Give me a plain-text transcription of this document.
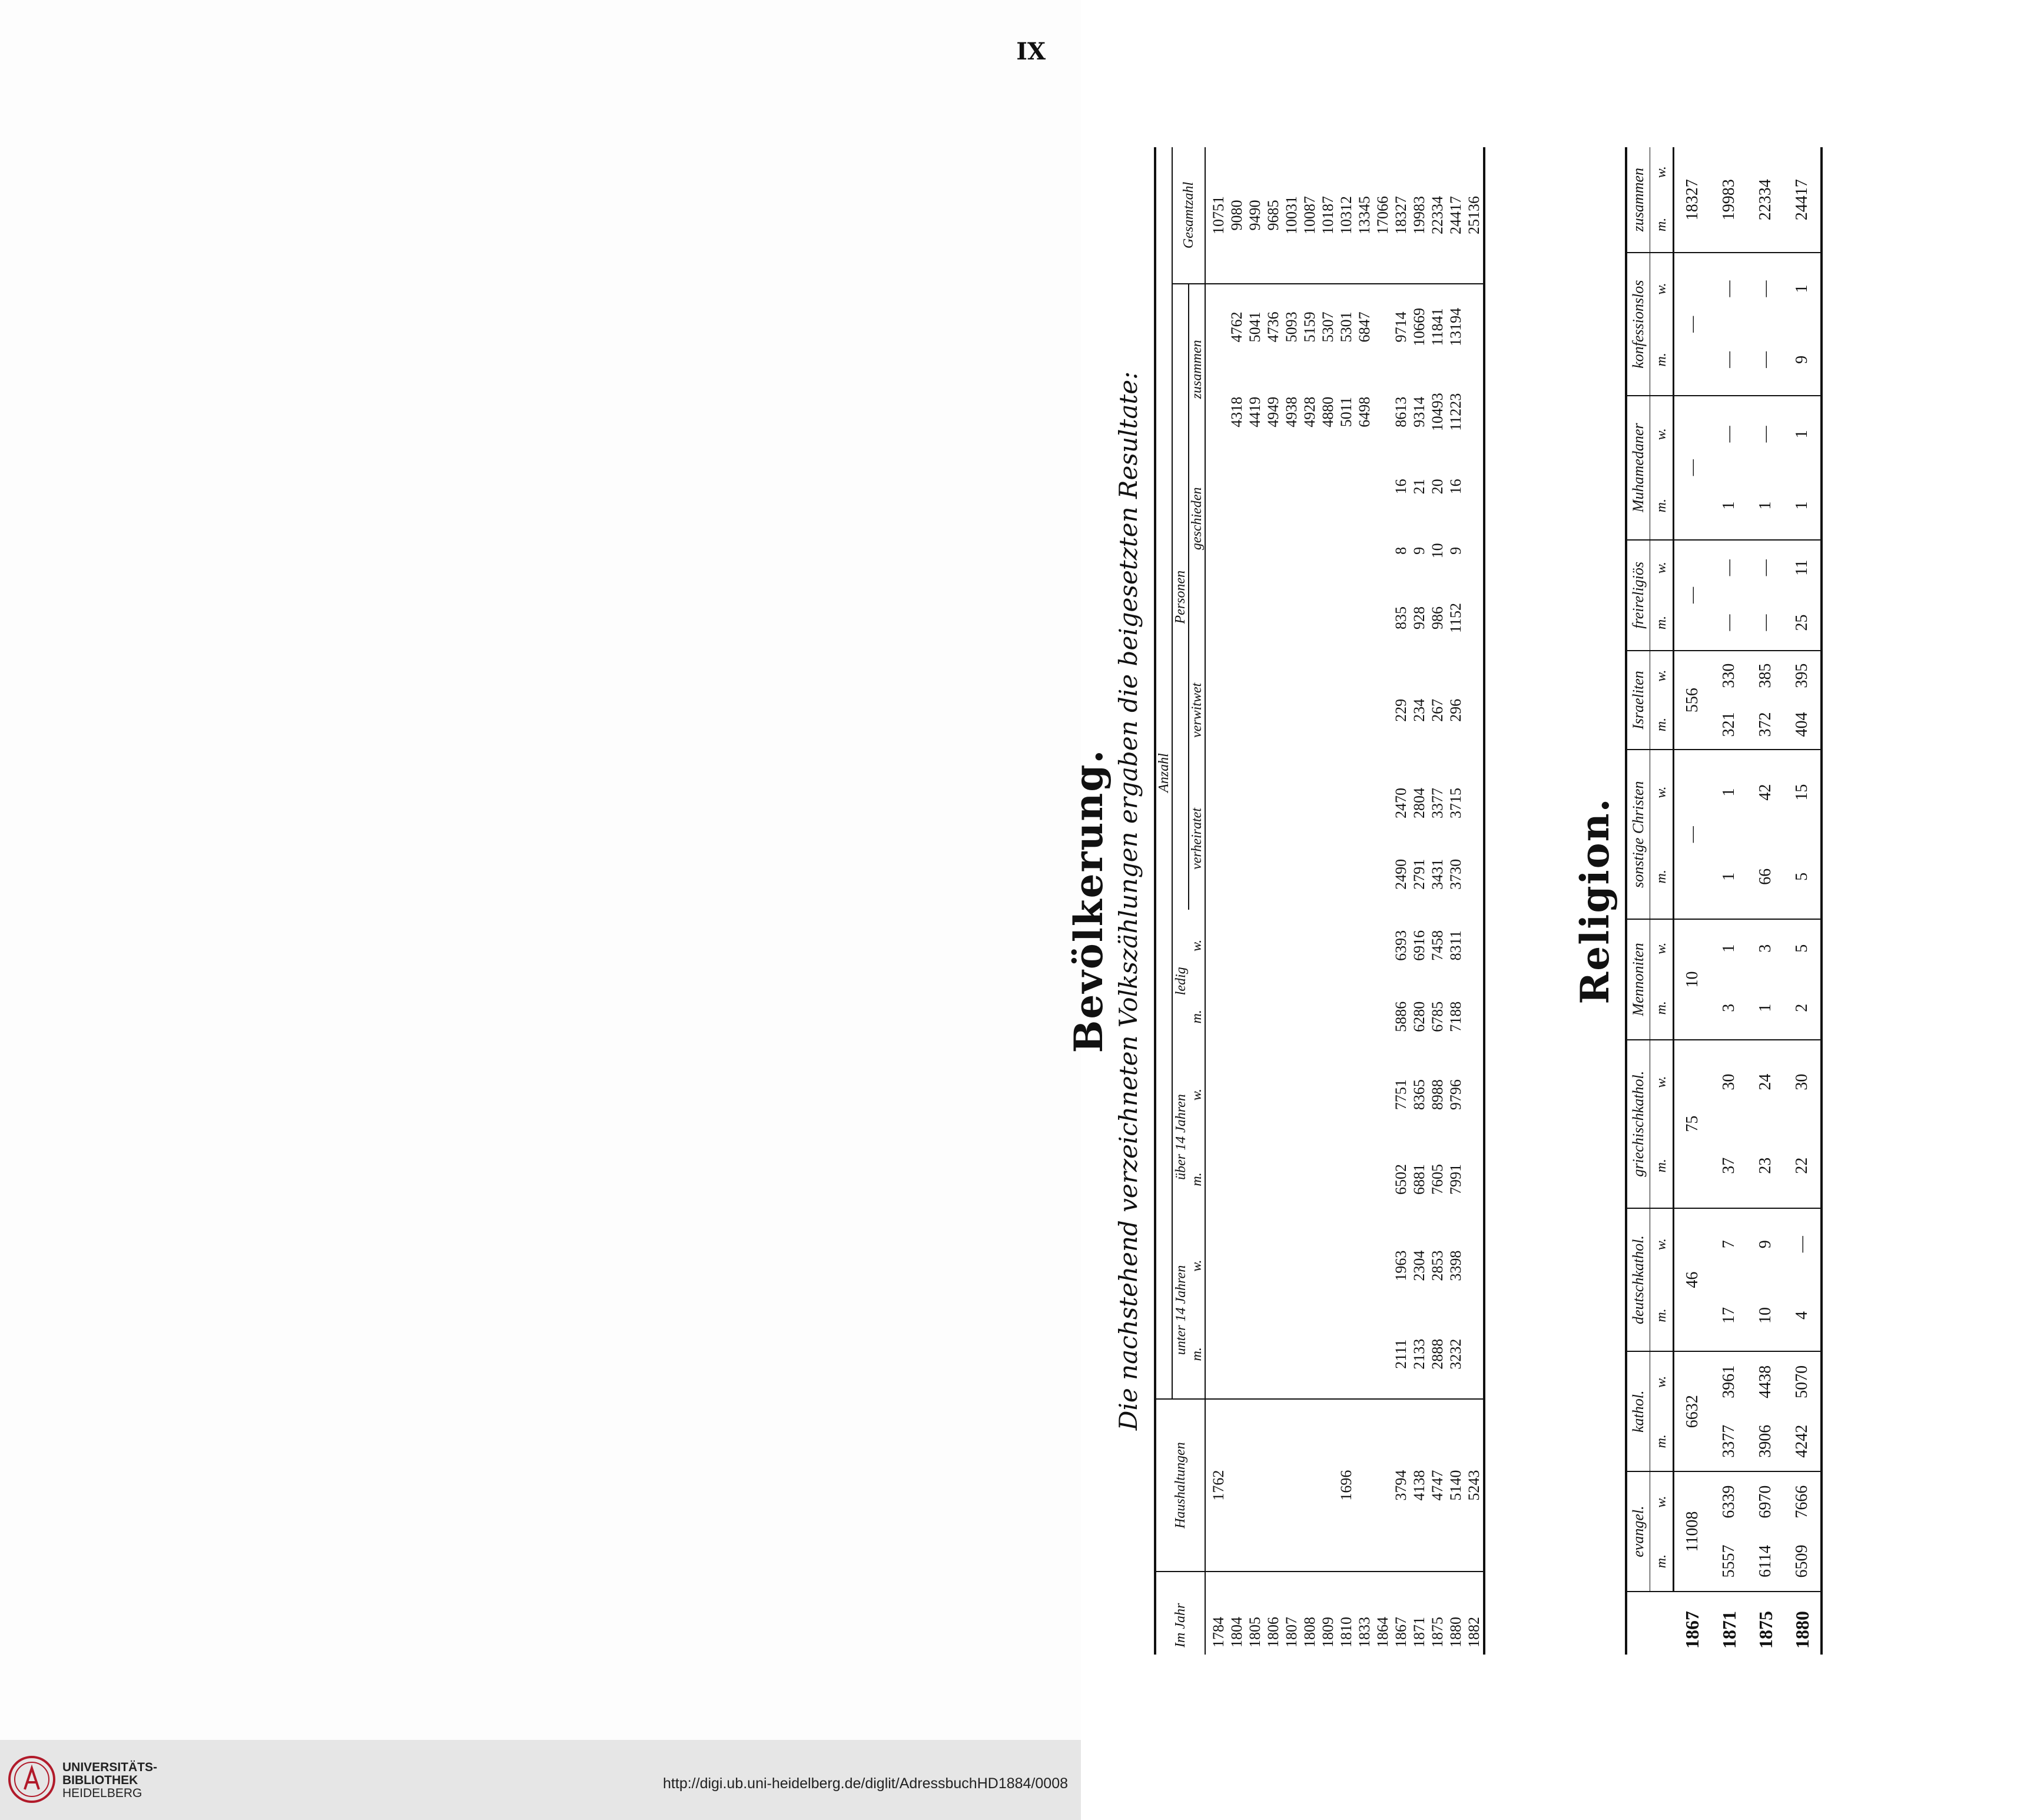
IX
Bevölkerung. Die nachstehend verzeichneten Volkszählungen ergaben die beigesetzten Resultate:
Im Jahr	Haushaltungen	Anzahl														
		unter 14 Jahren		über 14 Jahren		ledig		Personen								Gesamtzahl
		m.	w.	m.	w.	m.	w.	verheiratet		verwitwet		geschieden		zusammen		
1784	1762															10751
1804														4318	4762	9080
1805														4419	5041	9490
1806														4949	4736	9685
1807														4938	5093	10031
1808														4928	5159	10087
1809														4880	5307	10187
1810	1696													5011	5301	10312
1833														6498	6847	13345
1864																17066
1867	3794	2111	1963	6502	7751	5886	6393	2490	2470	229	835	8	16	8613	9714	18327
1871	4138	2133	2304	6881	8365	6280	6916	2791	2804	234	928	9	21	9314	10669	19983
1875	4747	2888	2853	7605	8988	6785	7458	3431	3377	267	986	10	20	10493	11841	22334
1880	5140	3232	3398	7991	9796	7188	8311	3730	3715	296	1152	9	16	11223	13194	24417
1882	5243															25136
Religion.
	evangel.		kathol.		deutschkathol.		griechischkathol.		Mennoniten		sonstige Christen		Israeliten		freireligiös		Muhamedaner		konfessionslos		zusammen	
	m.	w.	m.	w.	m.	w.	m.	w.	m.	w.	m.	w.	m.	w.	m.	w.	m.	w.	m.	w.	m.	w.
1867	11008		6632		46		75		10		—		556		—		—		—		18327	
1871	5557	6339	3377	3961	17	7	37	30	3	1	1	1	321	330	—	—	1	—	—	—	19983	
1875	6114	6970	3906	4438	10	9	23	24	1	3	66	42	372	385	—	—	1	—	—	—	22334	
1880	6509	7666	4242	5070	4	—	22	30	2	5	5	15	404	395	25	11	1	1	9	1	24417	
UNIVERSITÄTS-
BIBLIOTHEK
HEIDELBERG
http://digi.ub.uni-heidelberg.de/diglit/AdressbuchHD1884/0008
